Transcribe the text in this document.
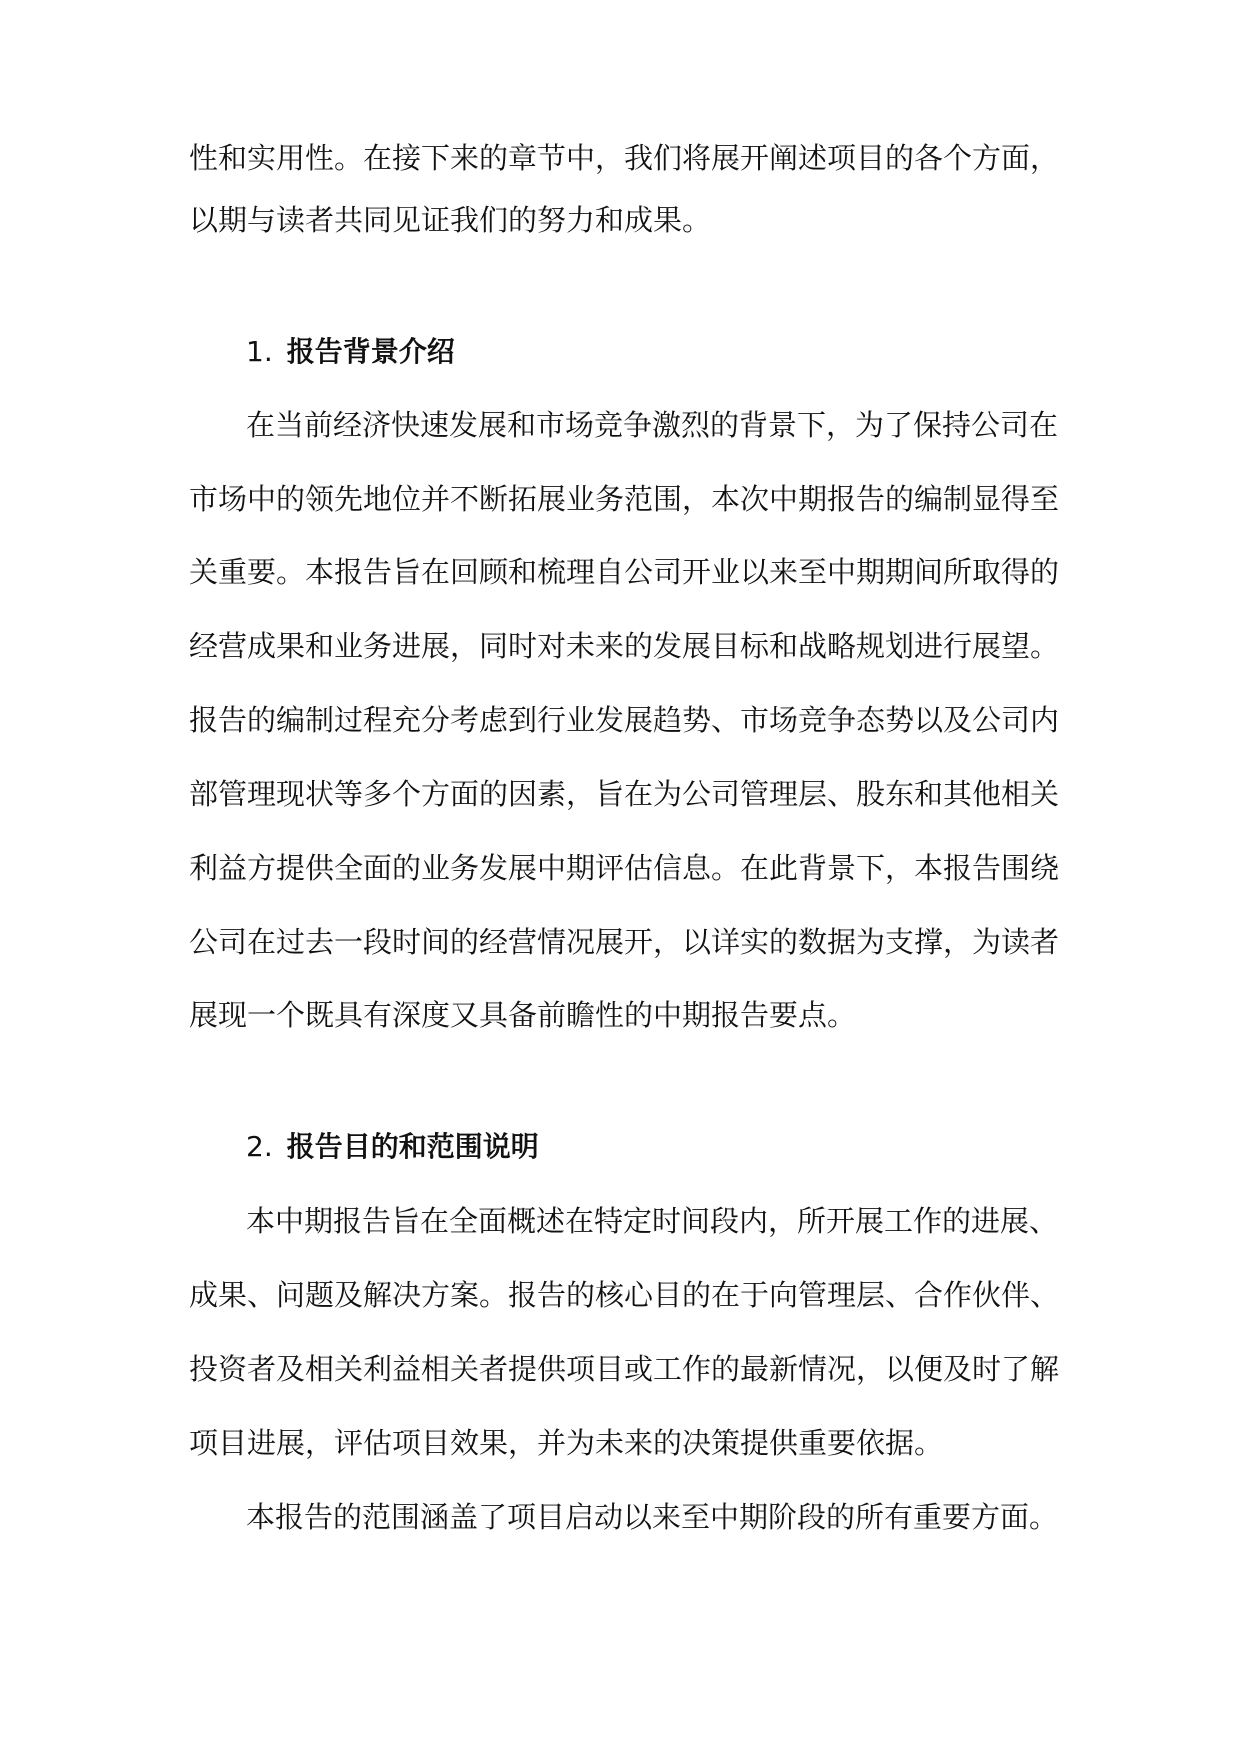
性和实用性。在接下来的章节中，我们将展开阐述项目的各个方面，
以期与读者共同见证我们的努力和成果。
1. 报告背景介绍
在当前经济快速发展和市场竞争激烈的背景下，为了保持公司在
市场中的领先地位并不断拓展业务范围，本次中期报告的编制显得至
关重要。本报告旨在回顾和梳理自公司开业以来至中期期间所取得的
经营成果和业务进展，同时对未来的发展目标和战略规划进行展望。
报告的编制过程充分考虑到行业发展趋势、市场竞争态势以及公司内
部管理现状等多个方面的因素，旨在为公司管理层、股东和其他相关
利益方提供全面的业务发展中期评估信息。在此背景下，本报告围绕
公司在过去一段时间的经营情况展开，以详实的数据为支撑，为读者
展现一个既具有深度又具备前瞻性的中期报告要点。
2. 报告目的和范围说明
本中期报告旨在全面概述在特定时间段内，所开展工作的进展、
成果、问题及解决方案。报告的核心目的在于向管理层、合作伙伴、
投资者及相关利益相关者提供项目或工作的最新情况，以便及时了解
项目进展，评估项目效果，并为未来的决策提供重要依据。
本报告的范围涵盖了项目启动以来至中期阶段的所有重要方面。
